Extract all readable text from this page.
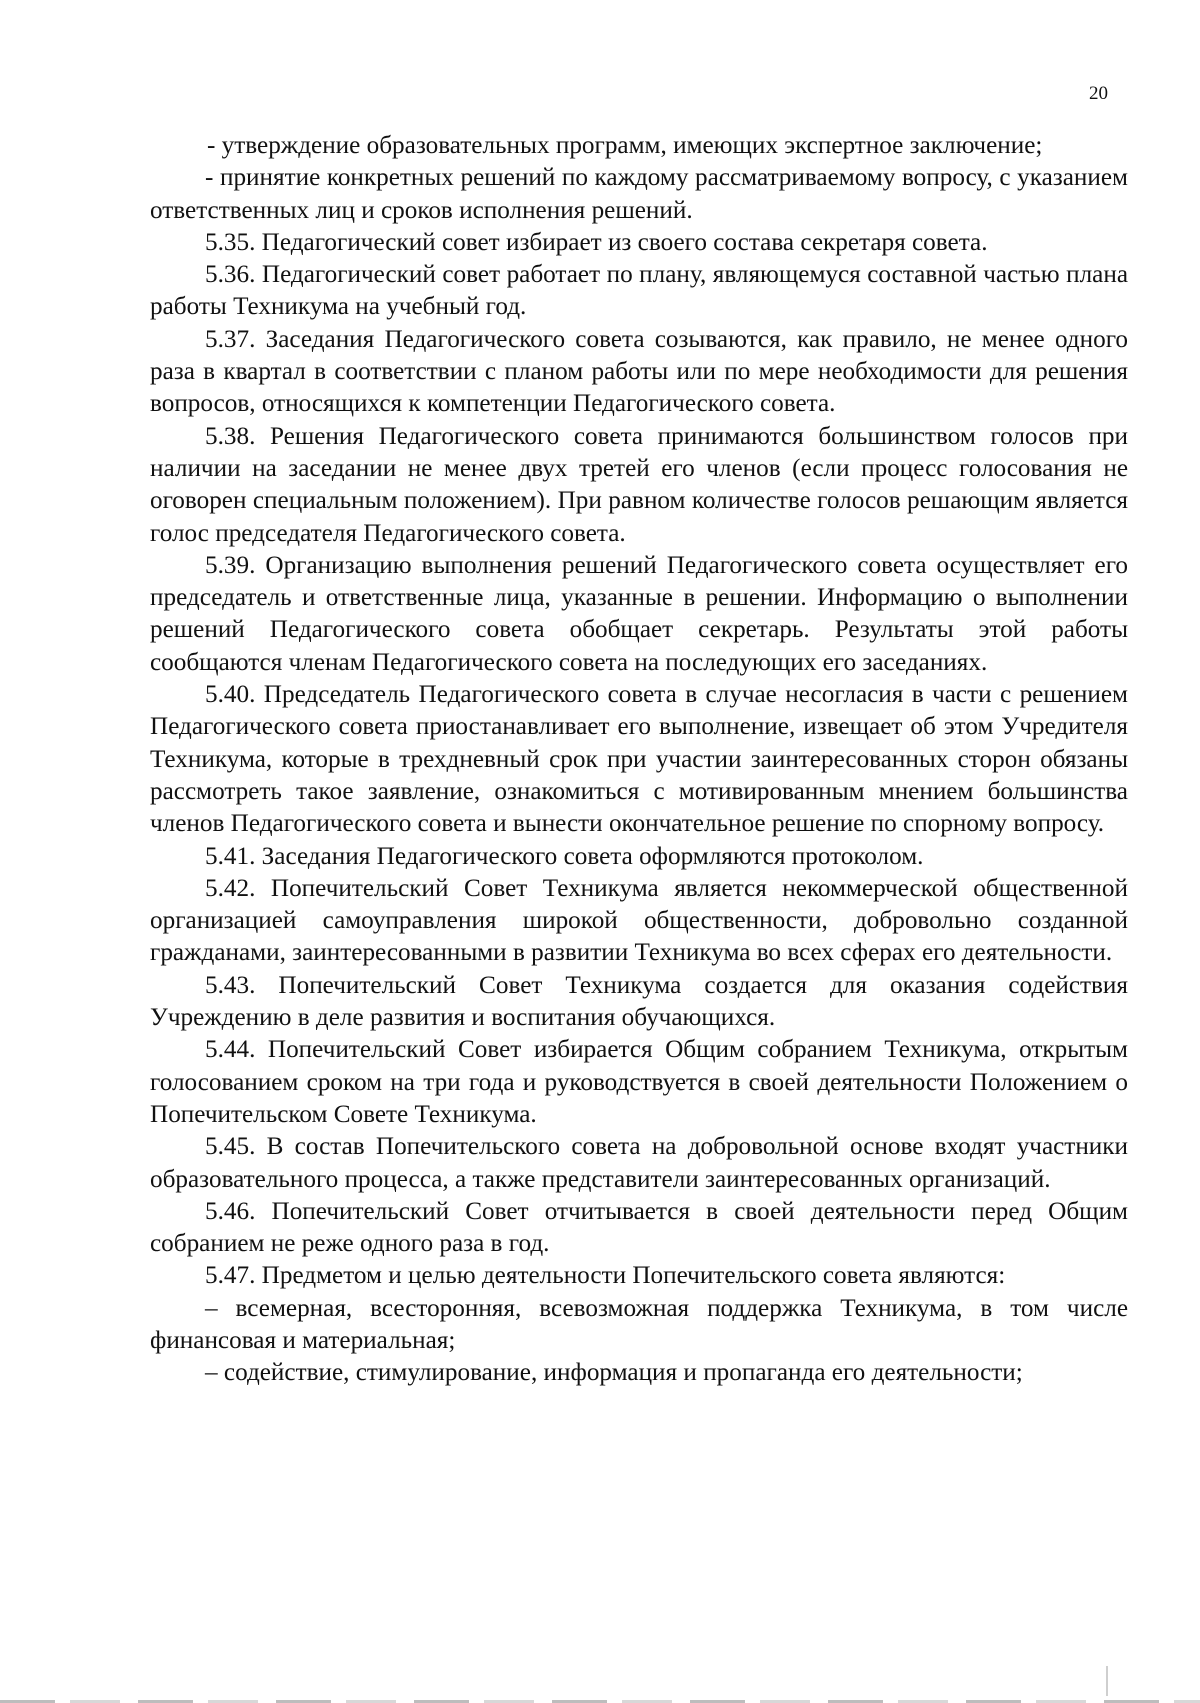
20

- утверждение образовательных программ, имеющих экспертное заключение;

- принятие конкретных решений по каждому рассматриваемому вопросу, с указанием ответственных лиц и сроков исполнения решений.

5.35. Педагогический совет избирает из своего состава секретаря совета.

5.36. Педагогический совет работает по плану, являющемуся составной частью плана работы Техникума на учебный год.

5.37. Заседания Педагогического совета созываются, как правило, не менее одного раза в квартал в соответствии с планом работы или по мере необходимости для решения вопросов, относящихся к компетенции Педагогического совета.

5.38. Решения Педагогического совета принимаются большинством голосов при наличии на заседании не менее двух третей его членов (если процесс голосования не оговорен специальным положением). При равном количестве голосов решающим является голос председателя Педагогического совета.

5.39. Организацию выполнения решений Педагогического совета осуществляет его председатель и ответственные лица, указанные в решении. Информацию о выполнении решений Педагогического совета обобщает секретарь. Результаты этой работы сообщаются членам Педагогического совета на последующих его заседаниях.

5.40. Председатель Педагогического совета в случае несогласия в части с решением Педагогического совета приостанавливает его выполнение, извещает об этом Учредителя Техникума, которые в трехдневный срок при участии заинтересованных сторон обязаны рассмотреть такое заявление, ознакомиться с мотивированным мнением большинства членов Педагогического совета и вынести окончательное решение по спорному вопросу.

5.41. Заседания Педагогического совета оформляются протоколом.

5.42. Попечительский Совет Техникума является некоммерческой общественной организацией самоуправления широкой общественности, добровольно созданной гражданами, заинтересованными в развитии Техникума во всех сферах его деятельности.

5.43. Попечительский Совет Техникума создается для оказания содействия Учреждению в деле развития и воспитания обучающихся.

5.44. Попечительский Совет избирается Общим собранием Техникума, открытым голосованием сроком на три года и руководствуется в своей деятельности Положением о Попечительском Совете Техникума.

5.45. В состав Попечительского совета на добровольной основе входят участники образовательного процесса, а также представители заинтересованных организаций.

5.46. Попечительский Совет отчитывается в своей деятельности перед Общим собранием не реже одного раза в год.

5.47. Предметом и целью деятельности Попечительского совета являются:

– всемерная, всесторонняя, всевозможная поддержка Техникума, в том числе финансовая и материальная;

– содействие, стимулирование, информация и пропаганда его деятельности;
